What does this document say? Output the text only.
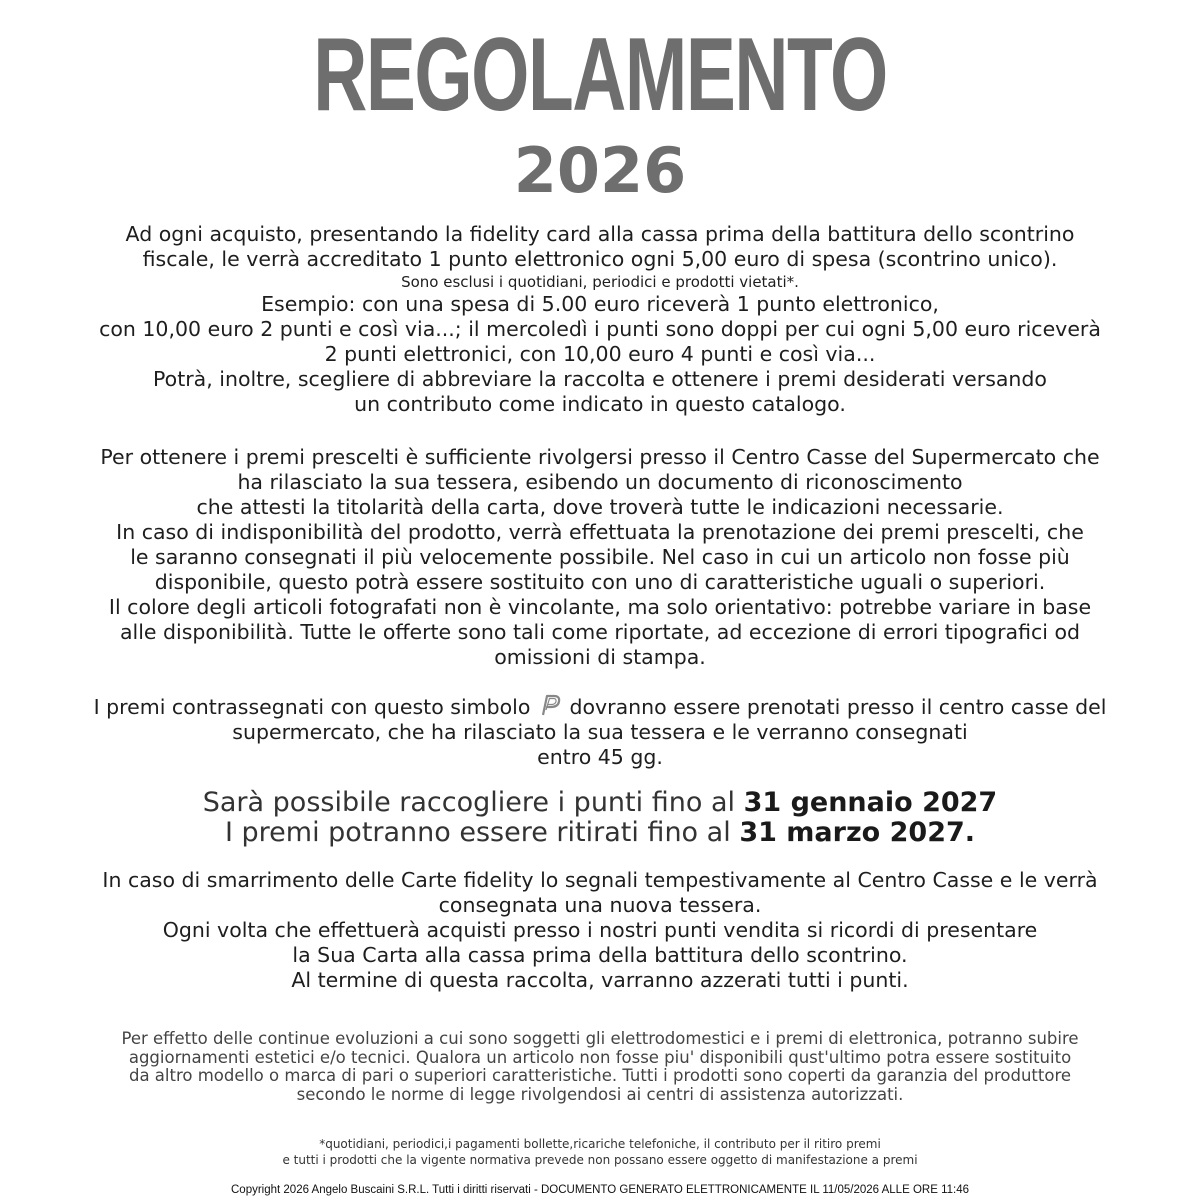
REGOLAMENTO
2026
Ad ogni acquisto, presentando la fidelity card alla cassa prima della battitura dello scontrino
fiscale, le verrà accreditato 1 punto elettronico ogni 5,00 euro di spesa (scontrino unico).
Sono esclusi i quotidiani, periodici e prodotti vietati*.
Esempio: con una spesa di 5.00 euro riceverà 1 punto elettronico,
con 10,00 euro 2 punti e così via...; il mercoledì i punti sono doppi per cui ogni 5,00 euro riceverà
2 punti elettronici, con 10,00 euro 4 punti e così via...
Potrà, inoltre, scegliere di abbreviare la raccolta e ottenere i premi desiderati versando
un contributo come indicato in questo catalogo.
Per ottenere i premi prescelti è sufficiente rivolgersi presso il Centro Casse del Supermercato che
ha rilasciato la sua tessera, esibendo un documento di riconoscimento
che attesti la titolarità della carta, dove troverà tutte le indicazioni necessarie.
In caso di indisponibilità del prodotto, verrà effettuata la prenotazione dei premi prescelti, che
le saranno consegnati il più velocemente possibile. Nel caso in cui un articolo non fosse più
disponibile, questo potrà essere sostituito con uno di caratteristiche uguali o superiori.
Il colore degli articoli fotografati non è vincolante, ma solo orientativo: potrebbe variare in base
alle disponibilità. Tutte le offerte sono tali come riportate, ad eccezione di errori tipografici od
omissioni di stampa.
I premi contrassegnati con questo simbolo dovranno essere prenotati presso il centro casse del
supermercato, che ha rilasciato la sua tessera e le verranno consegnati
entro 45 gg.
Sarà possibile raccogliere i punti fino al 31 gennaio 2027
I premi potranno essere ritirati fino al 31 marzo 2027.
In caso di smarrimento delle Carte fidelity lo segnali tempestivamente al Centro Casse e le verrà
consegnata una nuova tessera.
Ogni volta che effettuerà acquisti presso i nostri punti vendita si ricordi di presentare
la Sua Carta alla cassa prima della battitura dello scontrino.
Al termine di questa raccolta, varranno azzerati tutti i punti.
Per effetto delle continue evoluzioni a cui sono soggetti gli elettrodomestici e i premi di elettronica, potranno subire
aggiornamenti estetici e/o tecnici. Qualora un articolo non fosse piu' disponibili qust'ultimo potra essere sostituito
da altro modello o marca di pari o superiori caratteristiche. Tutti i prodotti sono coperti da garanzia del produttore
secondo le norme di legge rivolgendosi ai centri di assistenza autorizzati.
*quotidiani, periodici,i pagamenti bollette,ricariche telefoniche, il contributo per il ritiro premi
e tutti i prodotti che la vigente normativa prevede non possano essere oggetto di manifestazione a premi
Copyright 2026 Angelo Buscaini S.R.L. Tutti i diritti riservati - DOCUMENTO GENERATO ELETTRONICAMENTE IL 11/05/2026 ALLE ORE 11:46
